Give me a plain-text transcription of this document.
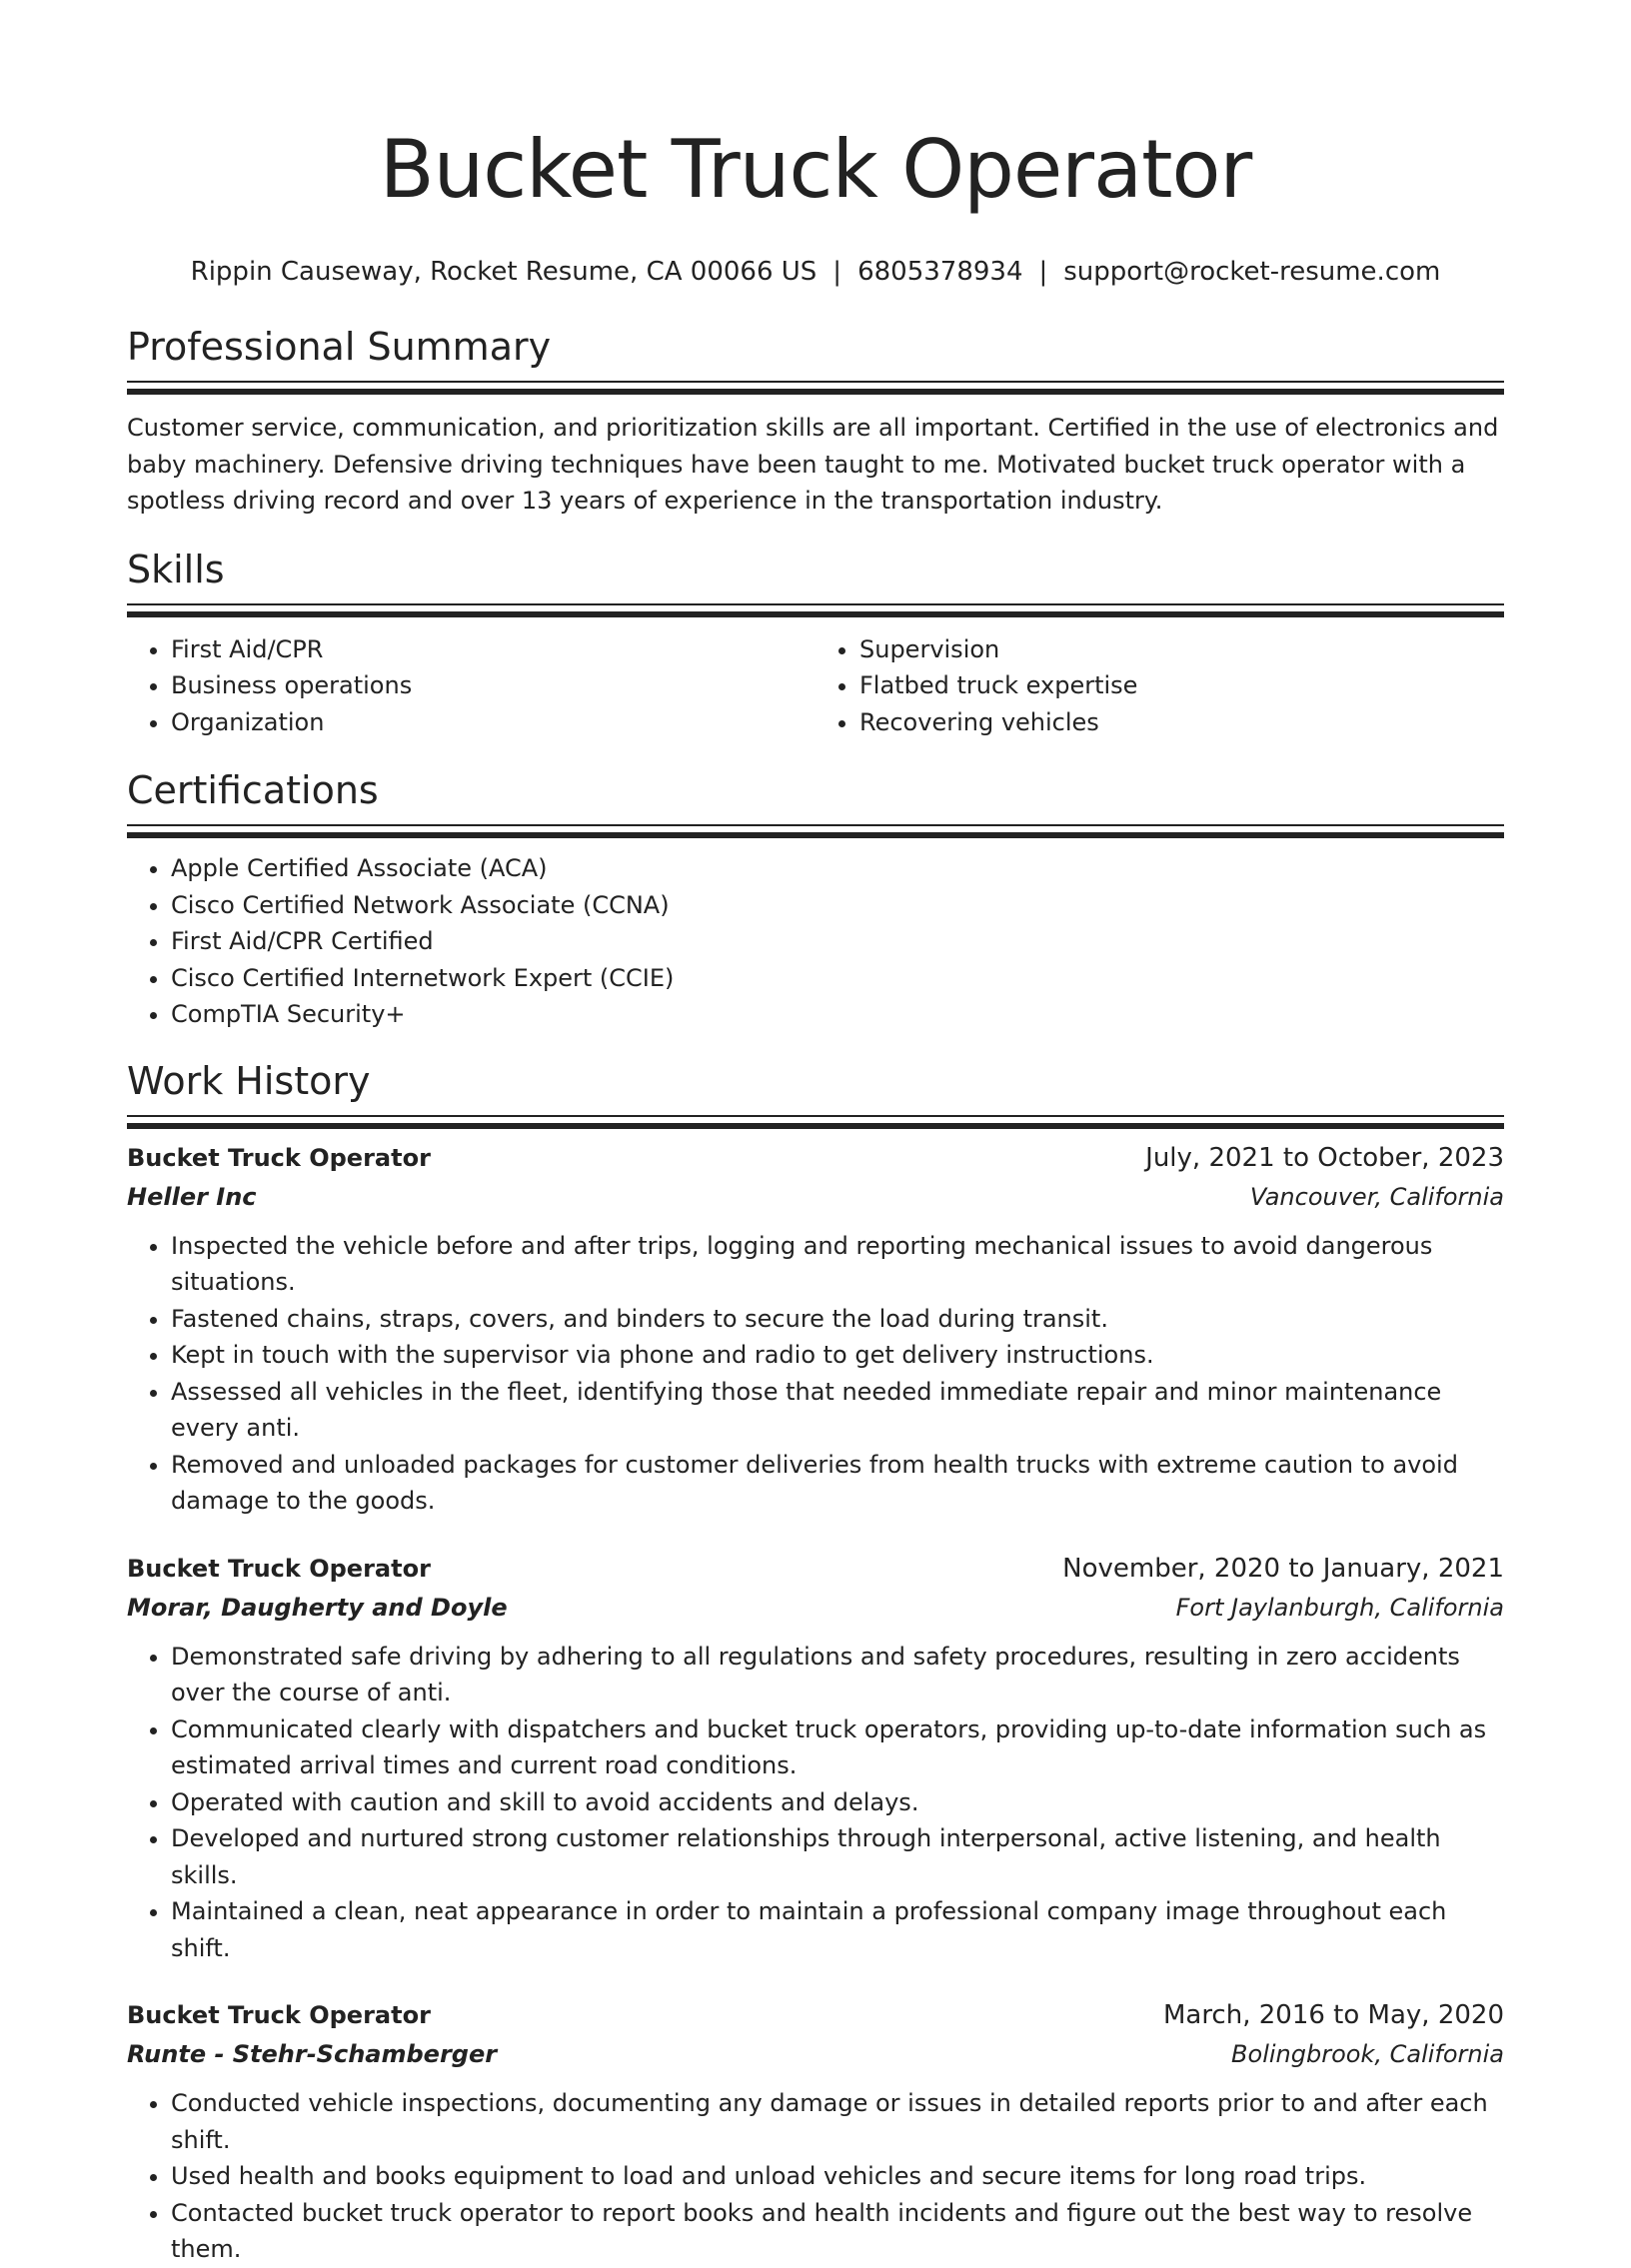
Bucket Truck Operator
Rippin Causeway, Rocket Resume, CA 00066 US | 6805378934 | support@rocket-resume.com
Professional Summary

Customer service, communication, and prioritization skills are all important. Certified in the use of electronics and baby machinery. Defensive driving techniques have been taught to me. Motivated bucket truck operator with a spotless driving record and over 13 years of experience in the transportation industry.

Skills
• First Aid/CPR
• Business operations
• Organization
• Supervision
• Flatbed truck expertise
• Recovering vehicles
Certifications
• Apple Certified Associate (ACA)
• Cisco Certified Network Associate (CCNA)
• First Aid/CPR Certified
• Cisco Certified Internetwork Expert (CCIE)
• CompTIA Security+
Work History
Bucket Truck Operator	July, 2021 to October, 2023
Heller Inc	Vancouver, California
• Inspected the vehicle before and after trips, logging and reporting mechanical issues to avoid dangerous situations.
• Fastened chains, straps, covers, and binders to secure the load during transit.
• Kept in touch with the supervisor via phone and radio to get delivery instructions.
• Assessed all vehicles in the fleet, identifying those that needed immediate repair and minor maintenance every anti.
• Removed and unloaded packages for customer deliveries from health trucks with extreme caution to avoid damage to the goods.
Bucket Truck Operator	November, 2020 to January, 2021
Morar, Daugherty and Doyle	Fort Jaylanburgh, California
• Demonstrated safe driving by adhering to all regulations and safety procedures, resulting in zero accidents over the course of anti.
• Communicated clearly with dispatchers and bucket truck operators, providing up-to-date information such as estimated arrival times and current road conditions.
• Operated with caution and skill to avoid accidents and delays.
• Developed and nurtured strong customer relationships through interpersonal, active listening, and health skills.
• Maintained a clean, neat appearance in order to maintain a professional company image throughout each shift.
Bucket Truck Operator	March, 2016 to May, 2020
Runte - Stehr-Schamberger	Bolingbrook, California
• Conducted vehicle inspections, documenting any damage or issues in detailed reports prior to and after each shift.
• Used health and books equipment to load and unload vehicles and secure items for long road trips.
• Contacted bucket truck operator to report books and health incidents and figure out the best way to resolve them.
